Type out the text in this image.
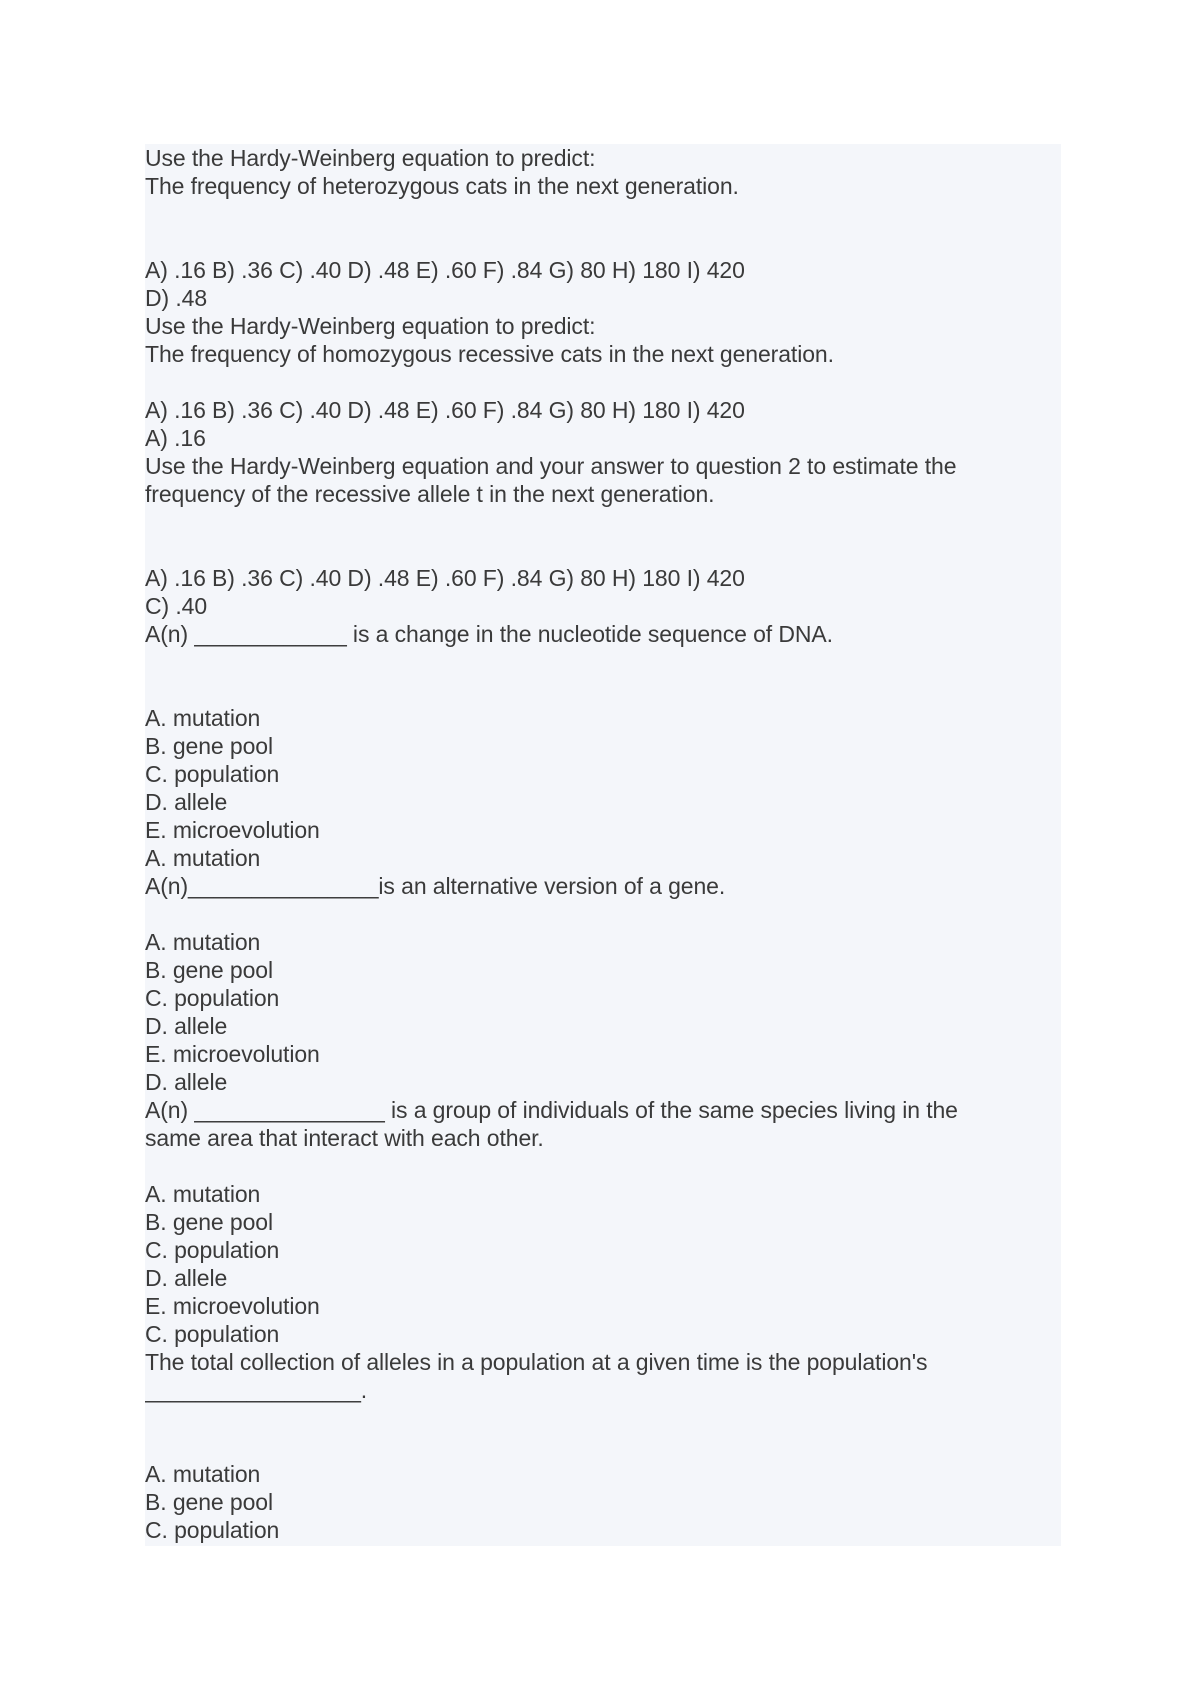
Use the Hardy-Weinberg equation to predict:
The frequency of heterozygous cats in the next generation.
A) .16 B) .36 C) .40 D) .48 E) .60 F) .84 G) 80 H) 180 I) 420
D) .48
Use the Hardy-Weinberg equation to predict:
The frequency of homozygous recessive cats in the next generation.
A) .16 B) .36 C) .40 D) .48 E) .60 F) .84 G) 80 H) 180 I) 420
A) .16
Use the Hardy-Weinberg equation and your answer to question 2 to estimate the
frequency of the recessive allele t in the next generation.
A) .16 B) .36 C) .40 D) .48 E) .60 F) .84 G) 80 H) 180 I) 420
C) .40
A(n) ____________ is a change in the nucleotide sequence of DNA.
A. mutation
B. gene pool
C. population
D. allele
E. microevolution
A. mutation
A(n)_______________is an alternative version of a gene.
A. mutation
B. gene pool
C. population
D. allele
E. microevolution
D. allele
A(n) _______________ is a group of individuals of the same species living in the
same area that interact with each other.
A. mutation
B. gene pool
C. population
D. allele
E. microevolution
C. population
The total collection of alleles in a population at a given time is the population's
_________________.
A. mutation
B. gene pool
C. population
